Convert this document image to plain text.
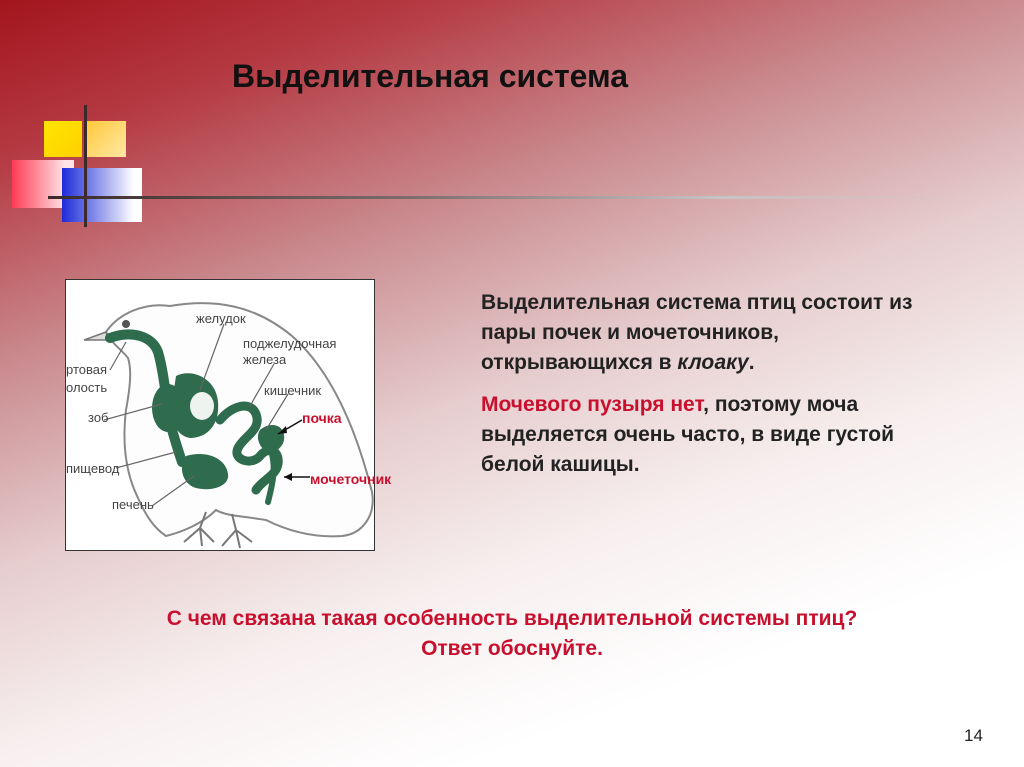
Выделительная система
желудок
поджелудочная
железа
кишечник
ртовая
олость
зоб
пищевод
печень
почка
мочеточник

Выделительная система птиц состоит из пары почек и мочеточников, открывающихся в клоаку.

Мочевого пузыря нет, поэтому моча выделяется очень часто, в виде густой белой кашицы.

С чем связана такая особенность выделительной системы птиц?
Ответ обоснуйте.
14
